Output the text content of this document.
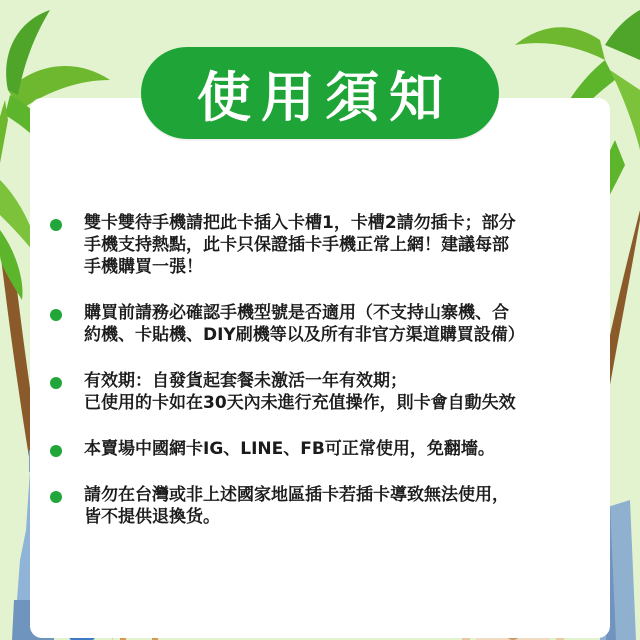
使用須知
雙卡雙待手機請把此卡插入卡槽1，卡槽2請勿插卡；部分
手機支持熱點，此卡只保證插卡手機正常上網！建議每部
手機購買一張！
購買前請務必確認手機型號是否適用（不支持山寨機、合
約機、卡貼機、DIY刷機等以及所有非官方渠道購買設備）
有效期：自發貨起套餐未激活一年有效期；
已使用的卡如在30天內未進行充值操作，則卡會自動失效
本賣場中國網卡IG、LINE、FB可正常使用，免翻墻。
請勿在台灣或非上述國家地區插卡若插卡導致無法使用，
皆不提供退換货。
